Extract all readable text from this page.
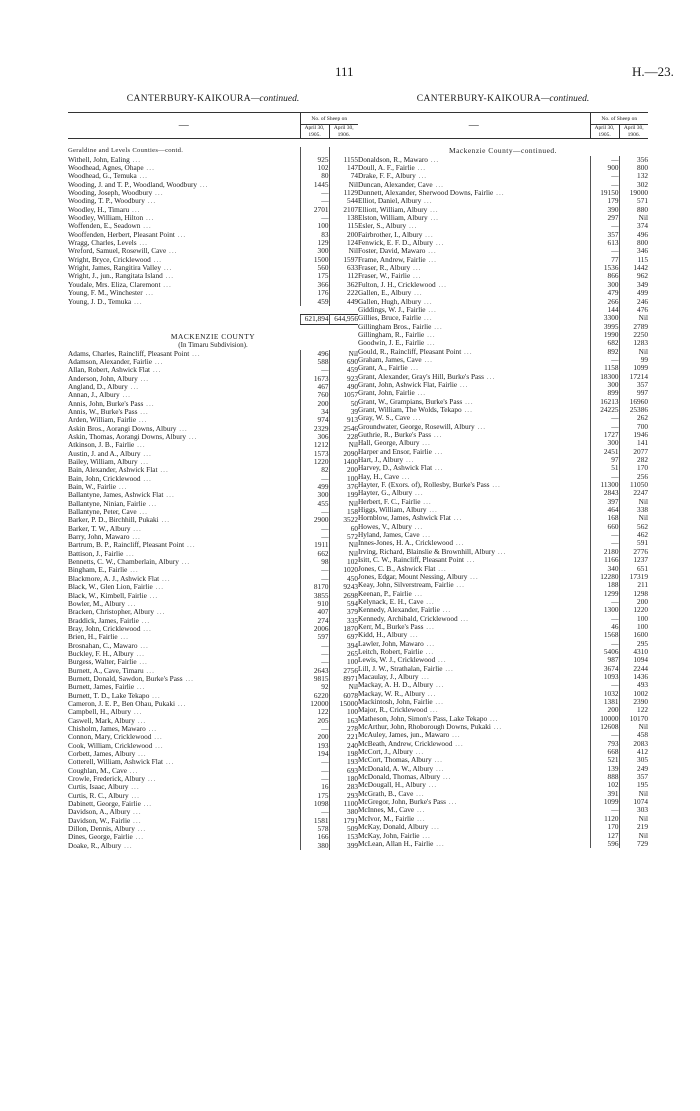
111	H.—23.
CANTERBURY-KAIKOURA—continued.
—	No. of Sheep on	
	April 30, 1905.	April 30, 1906.

Geraldine and Levels Counties—contd.		
Withell, John, Ealing ...	925	1155
Woodhead, Agnes, Ohape ...	102	147
Woodhead, G., Temuka ...	80	74
Wooding, J. and T. P., Woodland, Woodbury ...	1445	Nil
Wooding, Joseph, Woodbury ...	—	1129
Wooding, T. P., Woodbury ...	—	544
Woodley, H., Timaru ...	2701	2107
Woodley, William, Hilton ...	—	138
Woffenden, E., Seadown ...	100	115
Wooffenden, Herbert, Pleasant Point ...	83	200
Wragg, Charles, Levels ...	129	124
Wreford, Samuel, Rosewill, Cave ...	300	Nil
Wright, Bryce, Cricklewood ...	1500	1597
Wright, James, Rangitira Valley ...	560	633
Wright, J., jun., Rangitata Island ...	175	112
Youdale, Mrs. Eliza, Claremont ...	366	362
Young, F. M., Winchester ...	176	222
Young, J. D., Temuka ...	459	449

	621,894	644,956

MACKENZIE COUNTY		
(In Timaru Subdivision).		
Adams, Charles, Raincliff, Pleasant Point ...	496	Nil
Adamson, Alexander, Fairlie ...	588	690
Allan, Robert, Ashwick Flat ...	—	459
Anderson, John, Albury ...	1673	923
Angland, D., Albury ...	467	490
Annan, J., Albury ...	760	1057
Annis, John, Burke's Pass ...	200	50
Annis, W., Burke's Pass ...	34	39
Arden, William, Fairlie ...	974	913
Askin Bros., Aorangi Downs, Albury ...	2329	2546
Askin, Thomas, Aorangi Downs, Albury ...	306	228
Atkinson, J. B., Fairlie ...	1212	Nil
Austin, J. and A., Albury ...	1573	2090
Bailey, William, Albury ...	1220	1400
Bain, Alexander, Ashwick Flat ...	82	200
Bain, John, Cricklewood ...	—	100
Bain, W., Fairlie ...	499	376
Ballantyne, James, Ashwick Flat ...	300	199
Ballantyne, Ninian, Fairlie ...	455	Nil
Ballantyne, Peter, Cave ...	—	158
Barker, P. D., Birchhill, Pukaki ...	2900	3522
Barker, T. W., Albury ...	—	60
Barry, John, Mawaro ...	—	572
Bartrum, B. P., Raincliff, Pleasant Point ...	1911	Nil
Battison, J., Fairlie ...	662	Nil
Bennetts, C. W., Chamberlain, Albury ...	98	102
Bingham, E., Fairlie ...	—	1020
Blackmore, A. J., Ashwick Flat ...	—	450
Black, W., Glen Lion, Fairlie ...	8170	9243
Black, W., Kimbell, Fairlie ...	3855	2698
Bowler, M., Albury ...	910	594
Bracken, Christopher, Albury ...	407	379
Braddick, James, Fairlie ...	274	335
Bray, John, Cricklewood ...	2006	1870
Brien, H., Fairlie ...	597	697
Brosnahan, C., Mawaro ...	—	394
Buckley, F. H., Albury ...	—	265
Burgess, Walter, Fairlie ...	—	100
Burnett, A., Cave, Timaru ...	2643	2756
Burnett, Donald, Sawdon, Burke's Pass ...	9815	8971
Burnett, James, Fairlie ...	92	Nil
Burnett, T. D., Lake Tekapo ...	6220	6078
Cameron, J. E. P., Ben Ohau, Pukaki ...	12000	15000
Campbell, H., Albury ...	122	100
Caswell, Mark, Albury ...	205	163
Chisholm, James, Mawaro ...	—	278
Connon, Mary, Cricklewood ...	200	221
Cook, William, Cricklewood ...	193	240
Corbett, James, Albury ...	194	198
Cotterell, William, Ashwick Flat ...	—	193
Coughlan, M., Cave ...	—	693
Crowle, Frederick, Albury ...	—	180
Curtis, Isaac, Albury ...	16	283
Curtis, R. C., Albury ...	175	293
Dabinett, George, Fairlie ...	1098	1100
Davidson, A., Albury ...	—	380
Davidson, W., Fairlie ...	1581	1791
Dillon, Dennis, Albury ...	578	509
Dines, George, Fairlie ...	166	153
Doake, R., Albury ...	380	399
CANTERBURY-KAIKOURA—continued.
—	No. of Sheep on	
	April 30, 1905.	April 30, 1906.

Mackenzie County—continued.		
Donaldson, R., Mawaro ...	—	356
Doull, A. F., Fairlie ...	900	800
Drake, F. F., Albury ...	—	132
Duncan, Alexander, Cave ...	—	302
Dunnett, Alexander, Sherwood Downs, Fairlie ...	19150	19000
Elliot, Daniel, Albury ...	179	571
Elliott, William, Albury ...	390	880
Elston, William, Albury ...	297	Nil
Esler, S., Albury ...	—	374
Fairbrother, I., Albury ...	357	496
Fenwick, E. F. D., Albury ...	613	800
Foster, David, Mawaro ...	—	346
Frame, Andrew, Fairlie ...	77	115
Fraser, R., Albury ...	1536	1442
Fraser, W., Fairlie ...	866	962
Fulton, J. H., Cricklewood ...	300	349
Gallen, E., Albury ...	479	499
Gallen, Hugh, Albury ...	266	246
Giddings, W. J., Fairlie ...	144	476
Gillies, Bruce, Fairlie ...	3300	Nil
Gillingham Bros., Fairlie ...	3995	2789
Gillingham, R., Fairlie ...	1990	2250
Goodwin, J. E., Fairlie ...	682	1283
Gould, R., Raincliff, Pleasant Point ...	892	Nil
Graham, James, Cave ...	—	99
Grant, A., Fairlie ...	1158	1099
Grant, Alexander, Gray's Hill, Burke's Pass ...	18300	17214
Grant, John, Ashwick Flat, Fairlie ...	300	357
Grant, John, Fairlie ...	899	997
Grant, W., Grampians, Burke's Pass ...	16213	16960
Grant, William, The Wolds, Tekapo ...	24225	25386
Gray, W. S., Cave ...	—	262
Groundwater, George, Rosewill, Albury ...	—	700
Guthrie, R., Burke's Pass ...	1727	1946
Hall, George, Albury ...	300	141
Harper and Ensor, Fairlie ...	2451	2077
Hart, J., Albury ...	97	282
Harvey, D., Ashwick Flat ...	51	170
Hay, H., Cave ...	—	256
Hayter, F. (Exors. of), Rollesby, Burke's Pass ...	11300	11050
Hayter, G., Albury ...	2843	2247
Herbert, F. C., Fairlie ...	397	Nil
Higgs, William, Albury ...	464	338
Hornblow, James, Ashwick Flat ...	168	Nil
Howes, V., Albury ...	660	562
Hyland, James, Cave ...	—	462
Innes-Jones, H. A., Cricklewood ...	—	591
Irving, Richard, Blainslie & Brownhill, Albury ...	2180	2776
Isitt, C. W., Raincliff, Pleasant Point ...	1166	1237
Jones, C. B., Ashwick Flat ...	340	651
Jones, Edgar, Mount Nessing, Albury ...	12280	17319
Keay, John, Silverstream, Fairlie ...	188	211
Keenan, P., Fairlie ...	1299	1298
Kelynack, E. H., Cave ...	—	200
Kennedy, Alexander, Fairlie ...	1300	1220
Kennedy, Archibald, Cricklewood ...	—	100
Kerr, M., Burke's Pass ...	46	100
Kidd, H., Albury ...	1568	1600
Lawler, John, Mawaro ...	—	295
Leitch, Robert, Fairlie ...	5406	4310
Lewis, W. J., Cricklewood ...	987	1094
Lill, J. W., Strathalan, Fairlie ...	3674	2244
Macaulay, J., Albury ...	1093	1436
Mackay, A. H. D., Albury ...	—	493
Mackay, W. R., Albury ...	1032	1002
Mackintosh, John, Fairlie ...	1381	2390
Major, R., Cricklewood ...	200	122
Matheson, John, Simon's Pass, Lake Tekapo ...	10000	10170
McArthur, John, Rhoborough Downs, Pukaki ...	12608	Nil
McAuley, James, jun., Mawaro ...	—	458
McBeath, Andrew, Cricklewood ...	793	2083
McCort, J., Albury ...	668	412
McCort, Thomas, Albury ...	521	305
McDonald, A. W., Albury ...	139	249
McDonald, Thomas, Albury ...	888	357
McDougall, H., Albury ...	102	195
McGrath, B., Cave ...	391	Nil
McGregor, John, Burke's Pass ...	1099	1074
McInnes, M., Cave ...	—	303
McIvor, M., Fairlie ...	1120	Nil
McKay, Donald, Albury ...	170	219
McKay, John, Fairlie ...	127	Nil
McLean, Allan H., Fairlie ...	596	729
